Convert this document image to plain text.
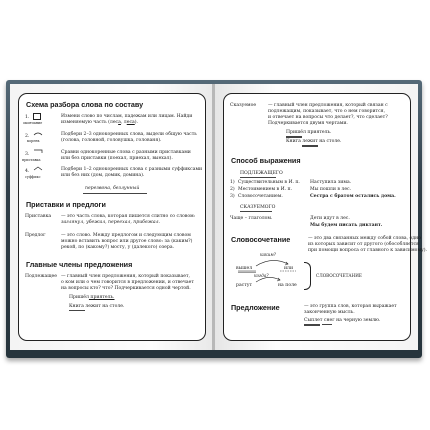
Схема разбора слова по составу
1.
окончание
Измени слово по числам, падежам или лицам. Найди
изменяемую часть (леса, леса).
2.
корень
Подбери 2–3 однокоренных слова, выдели общую часть
(голова, головной, головушка, голованя).
3.
приставка
Сравни однокоренные слова с разными приставками
или без приставки (поехал, приехал, выехал).
4.
суффикс
Подбери 1–2 однокоренных слова с разными суффиксами
или без них (дом, домик, домина).
перезвона, безлунный
Приставки и предлоги
Приставка — это часть слова, которая пишется слитно со словом:
заглянул, убежал, переехал, прибежал.
Предлог	— это слово. Между предлогом и следующим словом
можно вставить вопрос или другое слово: за (каким?)
рекой, по (какому?) мосту, у (далекого) озера.
Главные члены предложения
Подлежащее — главный член предложения, который показывает,
о ком или о чем говорится в предложении, и отвечает
на вопросы кто? что? Подчеркивается одной чертой.
Пришёл приятель.
Книга лежит на столе.
Сказуемое	— главный член предложения, который связан с
подлежащим, показывает, что о нем говорится,
и отвечает на вопросы что делает?, что сделает?
Подчеркивается двумя чертами.
Пришёл приятель.
Книга лежит на столе.
Способ выражения
ПОДЛЕЖАЩЕГО
1) Существительным в И. п. Наступила зима.
2) Местоимением в И. п.	Мы пошли в лес.
3) Словосочетанием.	Сестра с братом остались дома.
СКАЗУЕМОГО
Чаще – глаголом.	Дети идут в лес.
Мы будем писать диктант.
Словосочетание	— это два связанных между собой слова, одно
из которых зависит от другого (обособляется
при помощи вопроса от главного к зависимому).
каким?
вышел	или
когда?
растут	на поле
СЛОВОСОЧЕТАНИЕ
Предложение	— это группа слов, которая выражает
законченную мысль.
Сыплет снег на черную землю.
